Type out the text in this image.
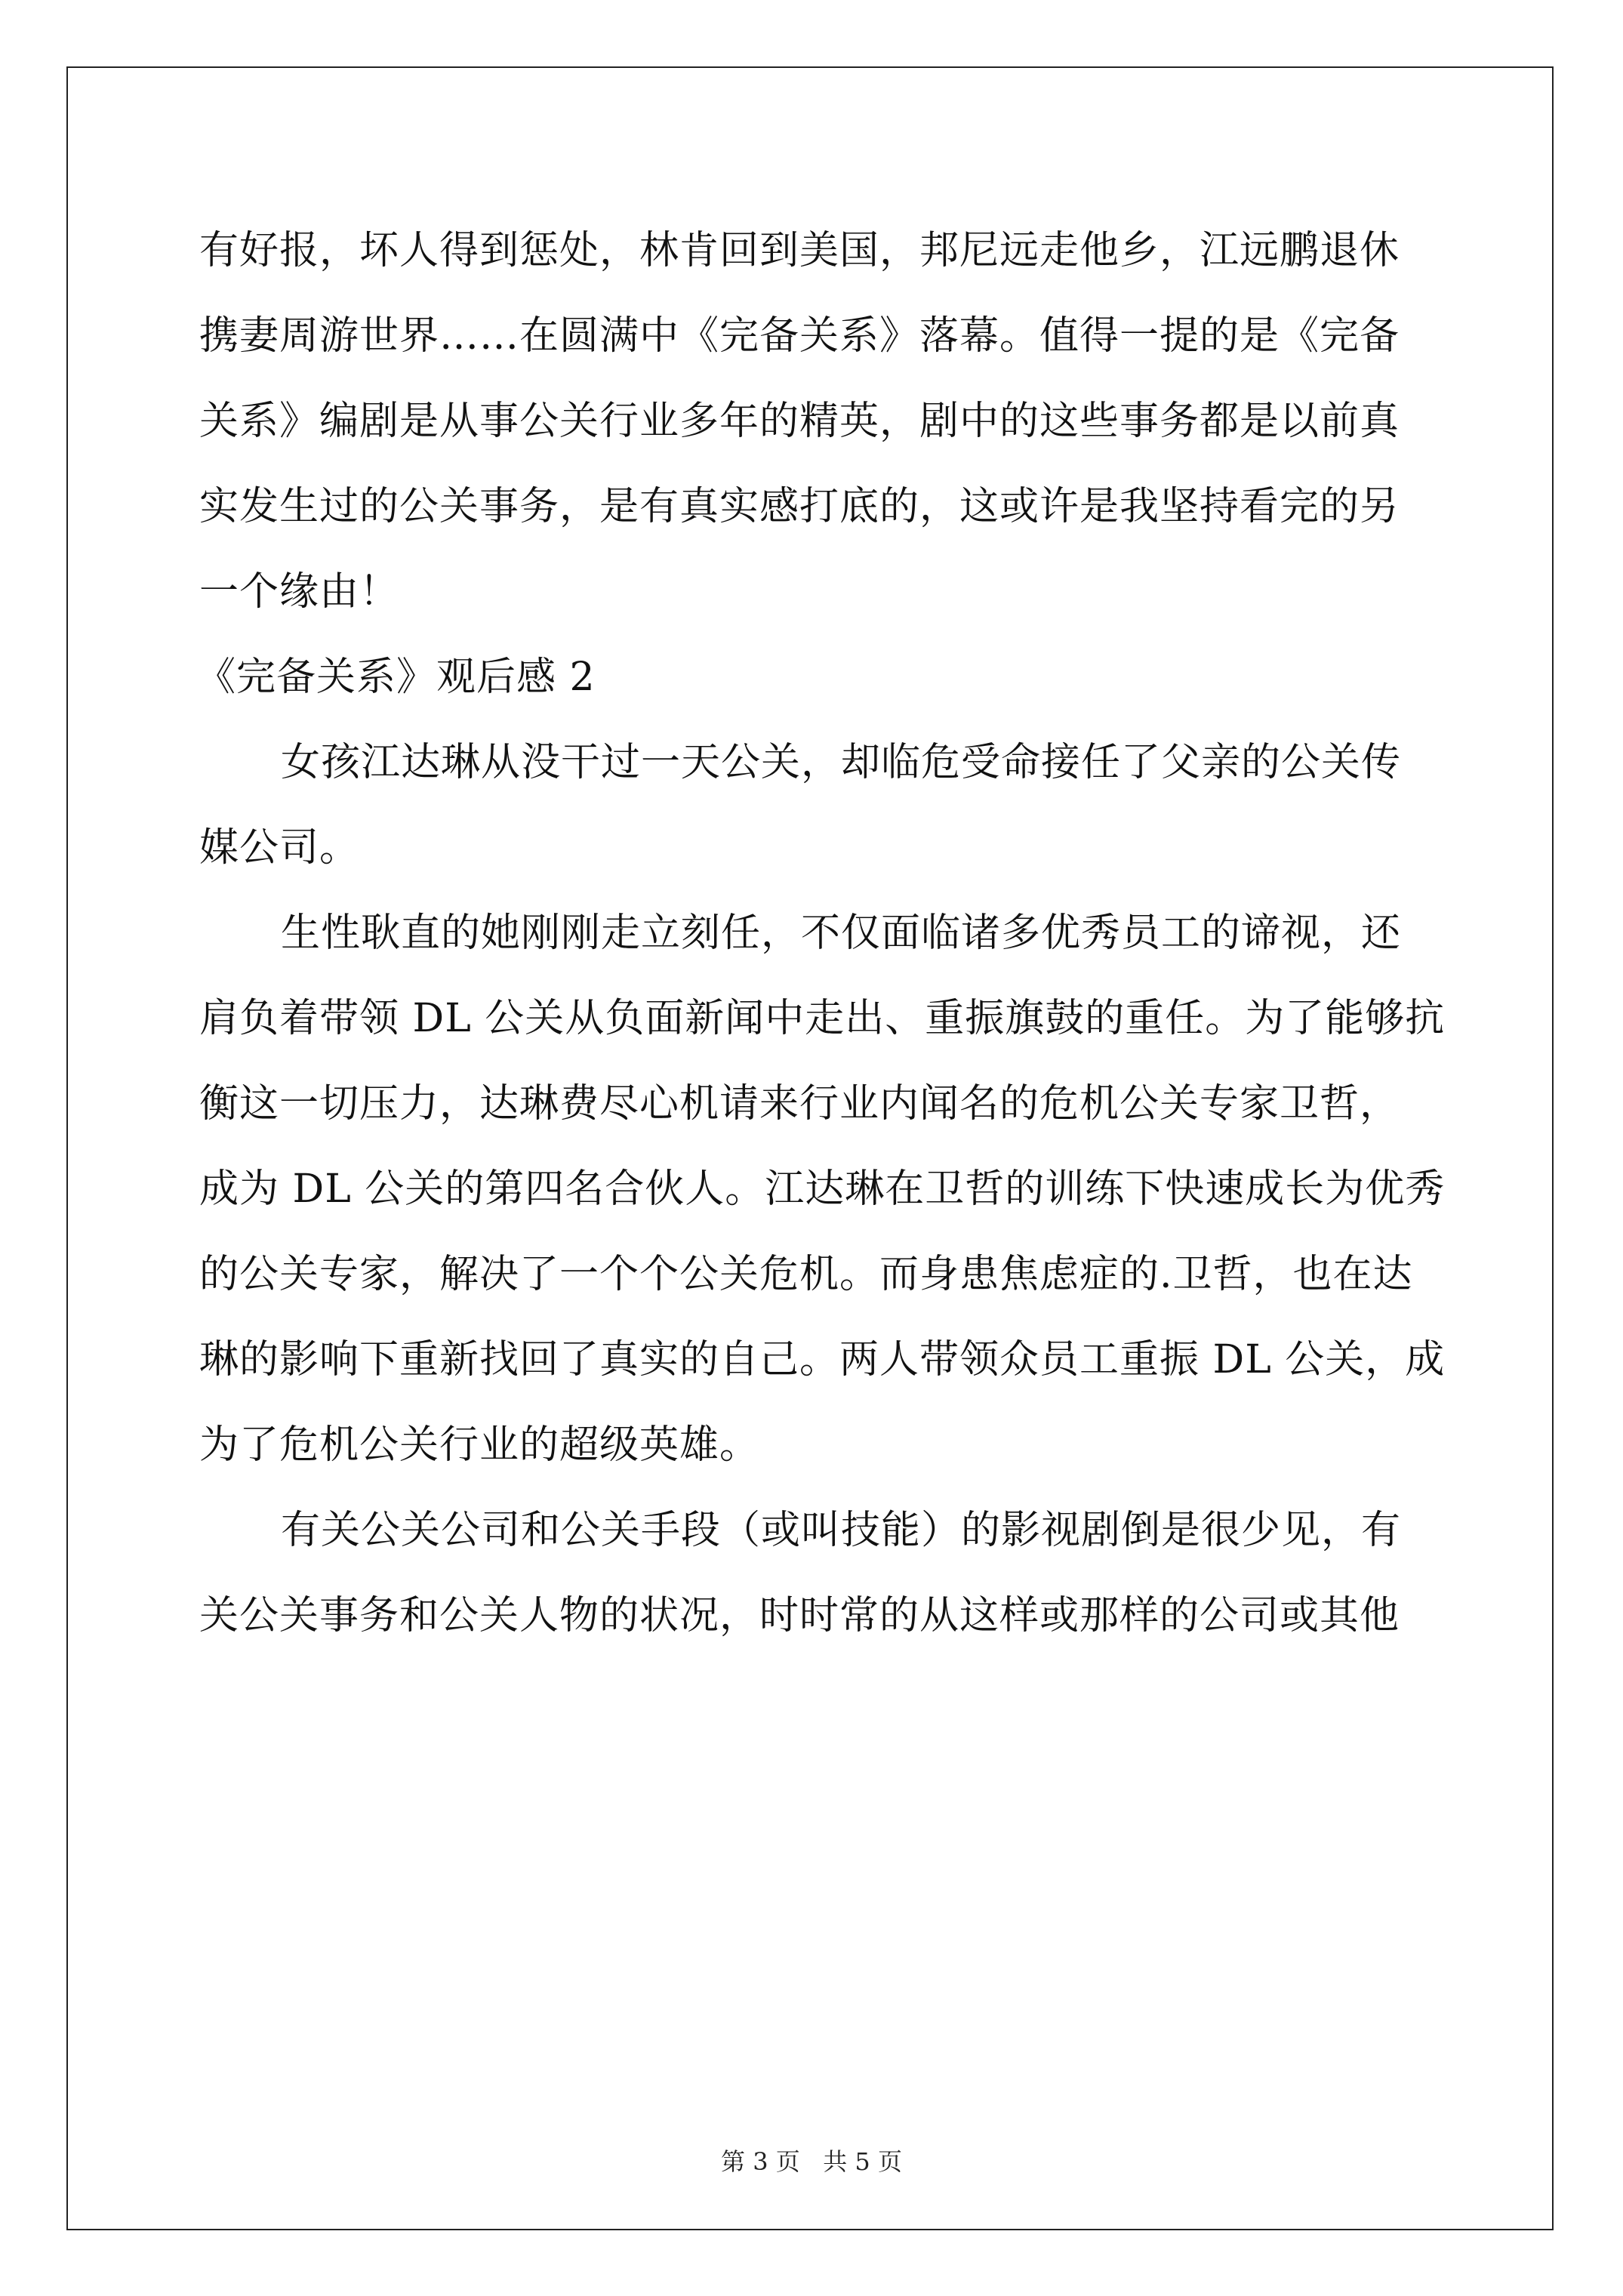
有好报，坏人得到惩处，林肯回到美国，邦尼远走他乡，江远鹏退休
携妻周游世界……在圆满中《完备关系》落幕。值得一提的是《完备
关系》编剧是从事公关行业多年的精英，剧中的这些事务都是以前真
实发生过的公关事务，是有真实感打底的，这或许是我坚持看完的另
一个缘由！
《完备关系》观后感 2
女孩江达琳从没干过一天公关，却临危受命接任了父亲的公关传
媒公司。
生性耿直的她刚刚走立刻任，不仅面临诸多优秀员工的谛视，还
肩负着带领 DL 公关从负面新闻中走出、重振旗鼓的重任。为了能够抗
衡这一切压力，达琳费尽心机请来行业内闻名的危机公关专家卫哲，
成为 DL 公关的第四名合伙人。江达琳在卫哲的训练下快速成长为优秀
的公关专家，解决了一个个公关危机。而身患焦虑症的.卫哲，也在达
琳的影响下重新找回了真实的自己。两人带领众员工重振 DL 公关，成
为了危机公关行业的超级英雄。
有关公关公司和公关手段（或叫技能）的影视剧倒是很少见，有
关公关事务和公关人物的状况，时时常的从这样或那样的公司或其他
第 3 页   共 5 页
